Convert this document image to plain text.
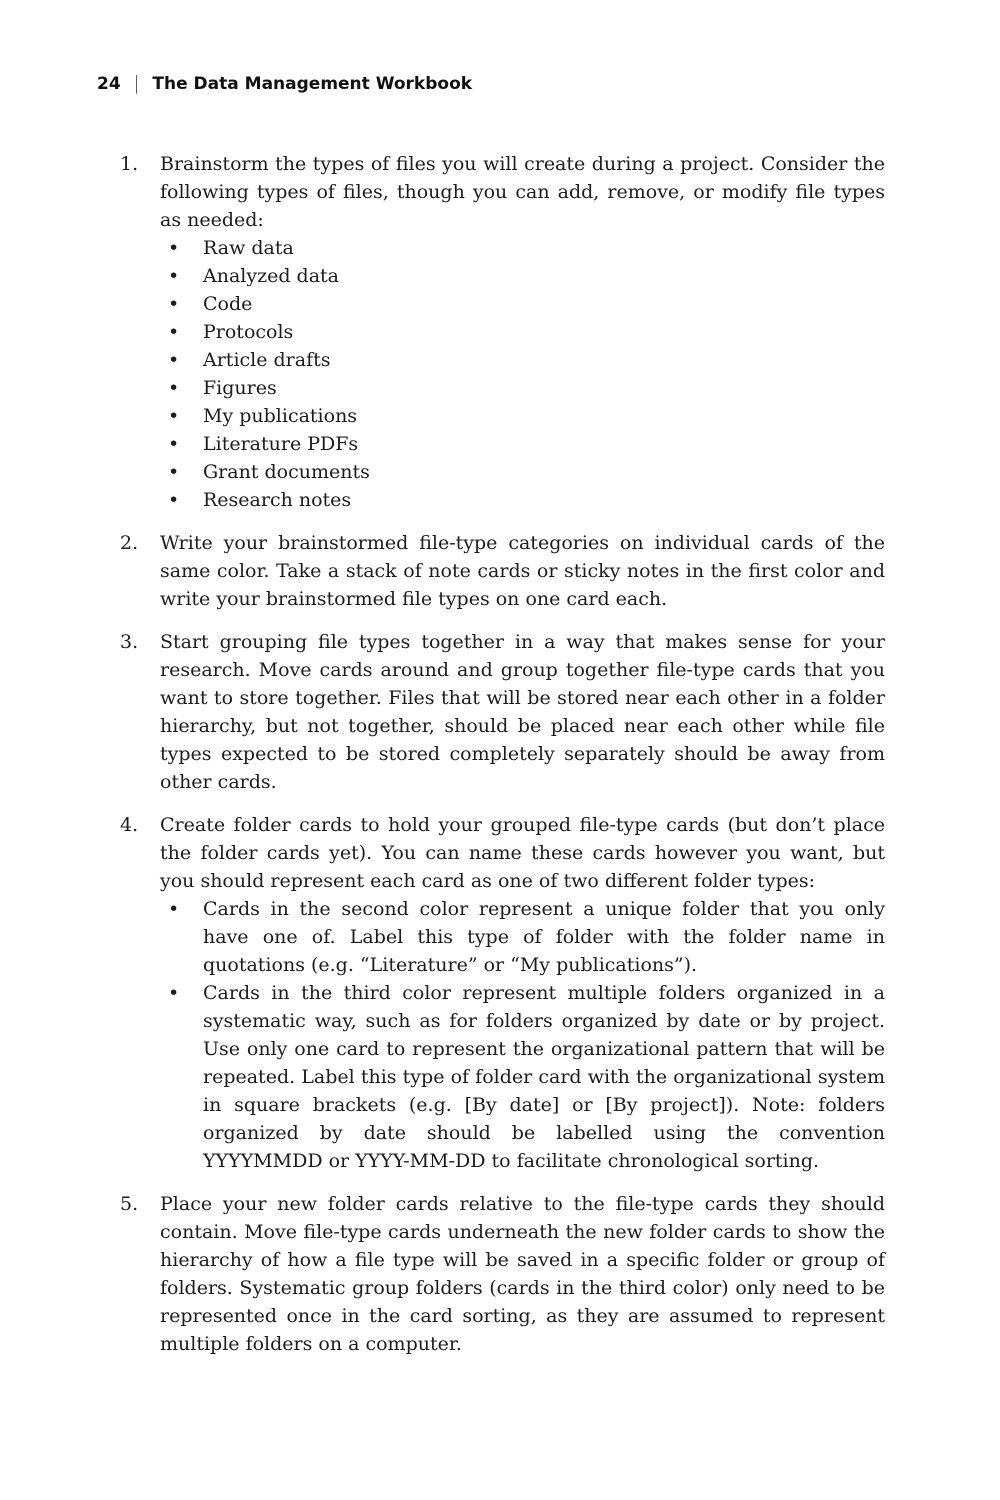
24 | The Data Management Workbook
1.	Brainstorm the types of files you will create during a project. Consider the following types of files, though you can add, remove, or modify file types as needed:

•	Raw data
•	Analyzed data
•	Code
•	Protocols
•	Article drafts
•	Figures
•	My publications
•	Literature PDFs
•	Grant documents
•	Research notes
2.	Write your brainstormed file-type categories on individual cards of the same color. Take a stack of note cards or sticky notes in the first color and write your brainstormed file types on one card each.

3.	Start grouping file types together in a way that makes sense for your research. Move cards around and group together file-type cards that you want to store together. Files that will be stored near each other in a folder hierarchy, but not together, should be placed near each other while file types expected to be stored completely separately should be away from other cards.

4.	Create folder cards to hold your grouped file-type cards (but don’t place the folder cards yet). You can name these cards however you want, but you should represent each card as one of two different folder types:

•	Cards in the second color represent a unique folder that you only have one of. Label this type of folder with the folder name in quotations (e.g. “Literature” or “My publications”).

•	Cards in the third color represent multiple folders organized in a systematic way, such as for folders organized by date or by project. Use only one card to represent the organizational pattern that will be repeated. Label this type of folder card with the organizational system in square brackets (e.g. [By date] or [By project]). Note: folders organized by date should be labelled using the convention YYYYMMDD or YYYY-MM-DD to facilitate chronological sorting.

5.	Place your new folder cards relative to the file-type cards they should contain. Move file-type cards underneath the new folder cards to show the hierarchy of how a file type will be saved in a specific folder or group of folders. Systematic group folders (cards in the third color) only need to be represented once in the card sorting, as they are assumed to represent multiple folders on a computer.
